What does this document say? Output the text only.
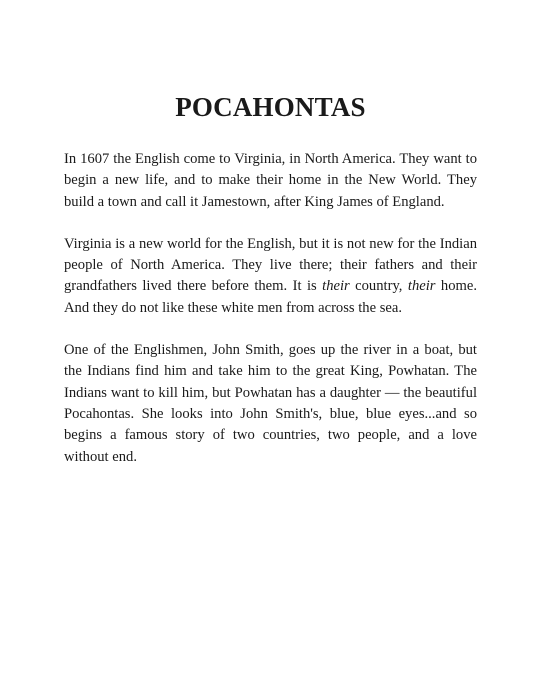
POCAHONTAS

In 1607 the English come to Virginia, in North America. They want to begin a new life, and to make their home in the New World. They build a town and call it Jamestown, after King James of England.

Virginia is a new world for the English, but it is not new for the Indian people of North America. They live there; their fathers and their grandfathers lived there before them. It is their country, their home. And they do not like these white men from across the sea.

One of the Englishmen, John Smith, goes up the river in a boat, but the Indians find him and take him to the great King, Powhatan. The Indians want to kill him, but Powhatan has a daughter — the beautiful Pocahontas. She looks into John Smith's, blue, blue eyes...and so begins a famous story of two countries, two people, and a love without end.
